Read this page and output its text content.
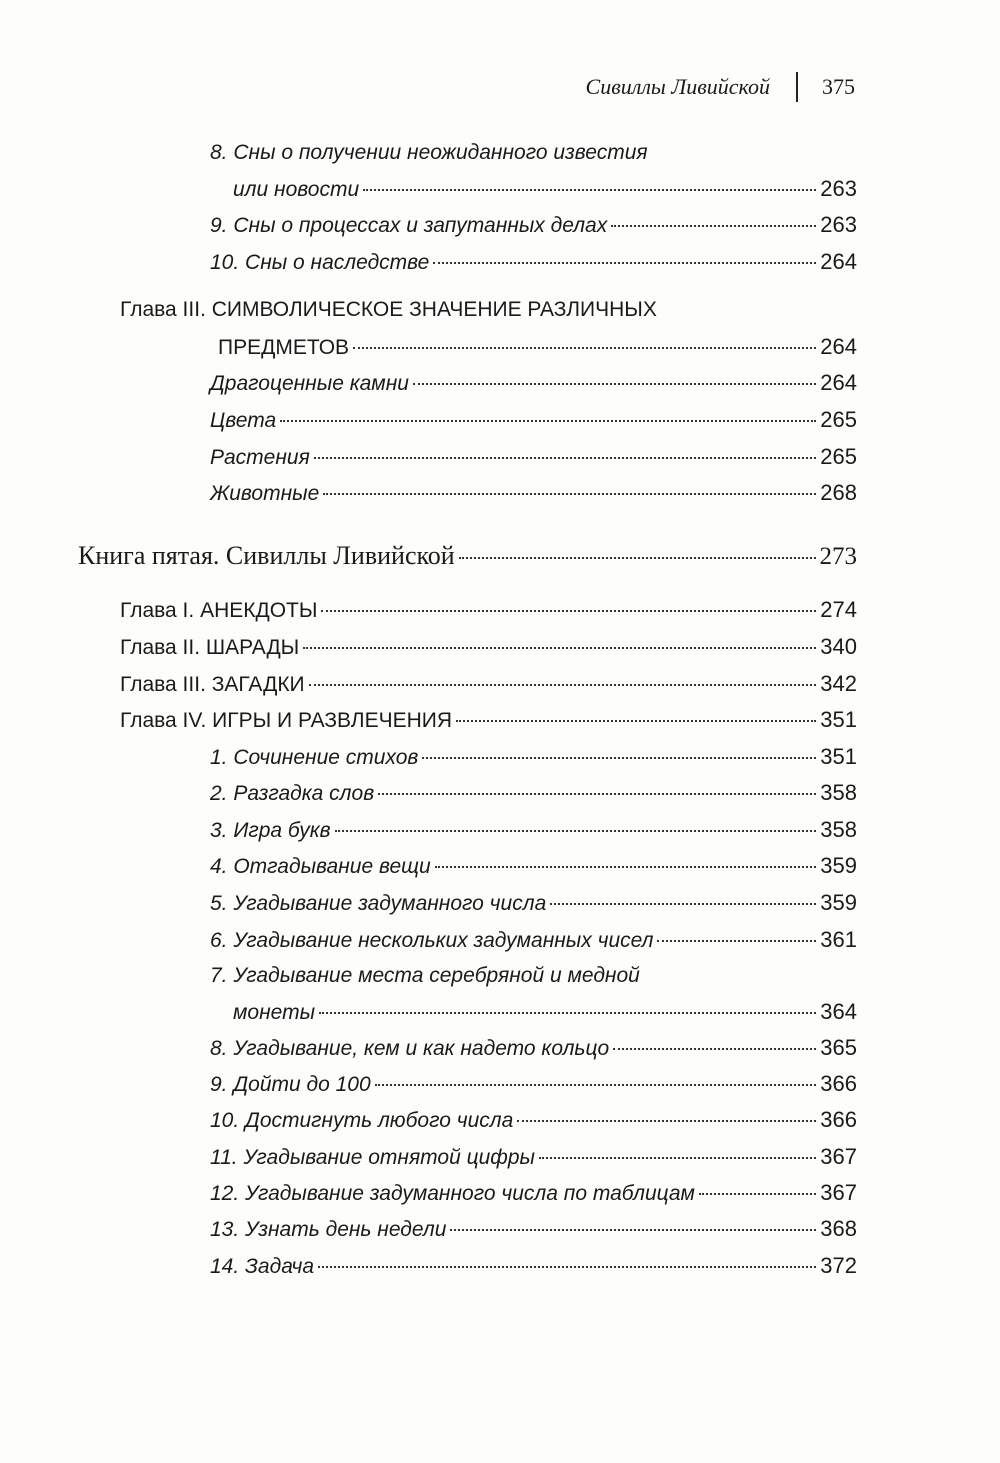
Сивиллы Ливийской 375
8. Сны о получении неожиданного известия
или новости	263
9. Сны о процессах и запутанных делах	263
10. Сны о наследстве	264
Глава III. СИМВОЛИЧЕСКОЕ ЗНАЧЕНИЕ РАЗЛИЧНЫХ
ПРЕДМЕТОВ	264
Драгоценные камни	264
Цвета	265
Растения	265
Животные	268
Книга пятая. Сивиллы Ливийской	273
Глава I. АНЕКДОТЫ	274
Глава II. ШАРАДЫ	340
Глава III. ЗАГАДКИ	342
Глава IV. ИГРЫ И РАЗВЛЕЧЕНИЯ	351
1. Сочинение стихов	351
2. Разгадка слов	358
3. Игра букв	358
4. Отгадывание вещи	359
5. Угадывание задуманного числа	359
6. Угадывание нескольких задуманных чисел	361
7. Угадывание места серебряной и медной
монеты	364
8. Угадывание, кем и как надето кольцо	365
9. Дойти до 100	366
10. Достигнуть любого числа	366
11. Угадывание отнятой цифры	367
12. Угадывание задуманного числа по таблицам	367
13. Узнать день недели	368
14. Задача	372
